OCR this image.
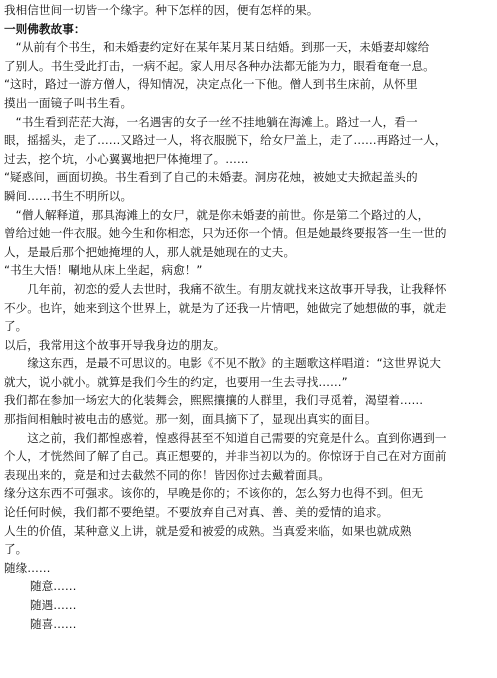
我相信世间一切皆一个缘字。种下怎样的因，便有怎样的果。

一则佛教故事：

　“从前有个书生，和未婚妻约定好在某年某月某日结婚。到那一天，未婚妻却嫁给

了别人。书生受此打击，一病不起。家人用尽各种办法都无能为力，眼看奄奄一息。

“这时，路过一游方僧人，得知情况，决定点化一下他。僧人到书生床前，从怀里

摸出一面镜子叫书生看。

　“书生看到茫茫大海，一名遇害的女子一丝不挂地躺在海滩上。路过一人，看一

眼，摇摇头，走了……又路过一人，将衣服脱下，给女尸盖上，走了……再路过一人，

过去，挖个坑，小心翼翼地把尸体掩埋了。……

“疑惑间，画面切换。书生看到了自己的未婚妻。洞房花烛，被她丈夫掀起盖头的

瞬间……书生不明所以。

　“僧人解释道，那具海滩上的女尸，就是你未婚妻的前世。你是第二个路过的人，

曾给过她一件衣服。她今生和你相恋，只为还你一个情。但是她最终要报答一生一世的

人，是最后那个把她掩埋的人，那人就是她现在的丈夫。

“书生大悟！唰地从床上坐起，病愈！”

　　几年前，初恋的爱人去世时，我痛不欲生。有朋友就找来这故事开导我，让我释怀

不少。也许，她来到这个世界上，就是为了还我一片情吧，她做完了她想做的事，就走

了。

以后，我常用这个故事开导我身边的朋友。

　　缘这东西，是最不可思议的。电影《不见不散》的主题歌这样唱道：“这世界说大

就大，说小就小。就算是我们今生的约定，也要用一生去寻找……”

我们都在参加一场宏大的化装舞会，熙熙攘攘的人群里，我们寻觅着，渴望着……

那指间相触时被电击的感觉。那一刻，面具摘下了，显现出真实的面目。

　　这之前，我们都惶惑着，惶惑得甚至不知道自己需要的究竟是什么。直到你遇到一

个人，才恍然间了解了自己。真正想要的，并非当初以为的。你惊讶于自己在对方面前

表现出来的，竟是和过去截然不同的你！皆因你过去戴着面具。

缘分这东西不可强求。该你的，早晚是你的；不该你的，怎么努力也得不到。但无

论任何时候，我们都不要绝望。不要放弃自己对真、善、美的爱情的追求。

人生的价值，某种意义上讲，就是爱和被爱的成熟。当真爱来临，如果也就成熟

了。

随缘……

随意……

随遇……

随喜……
